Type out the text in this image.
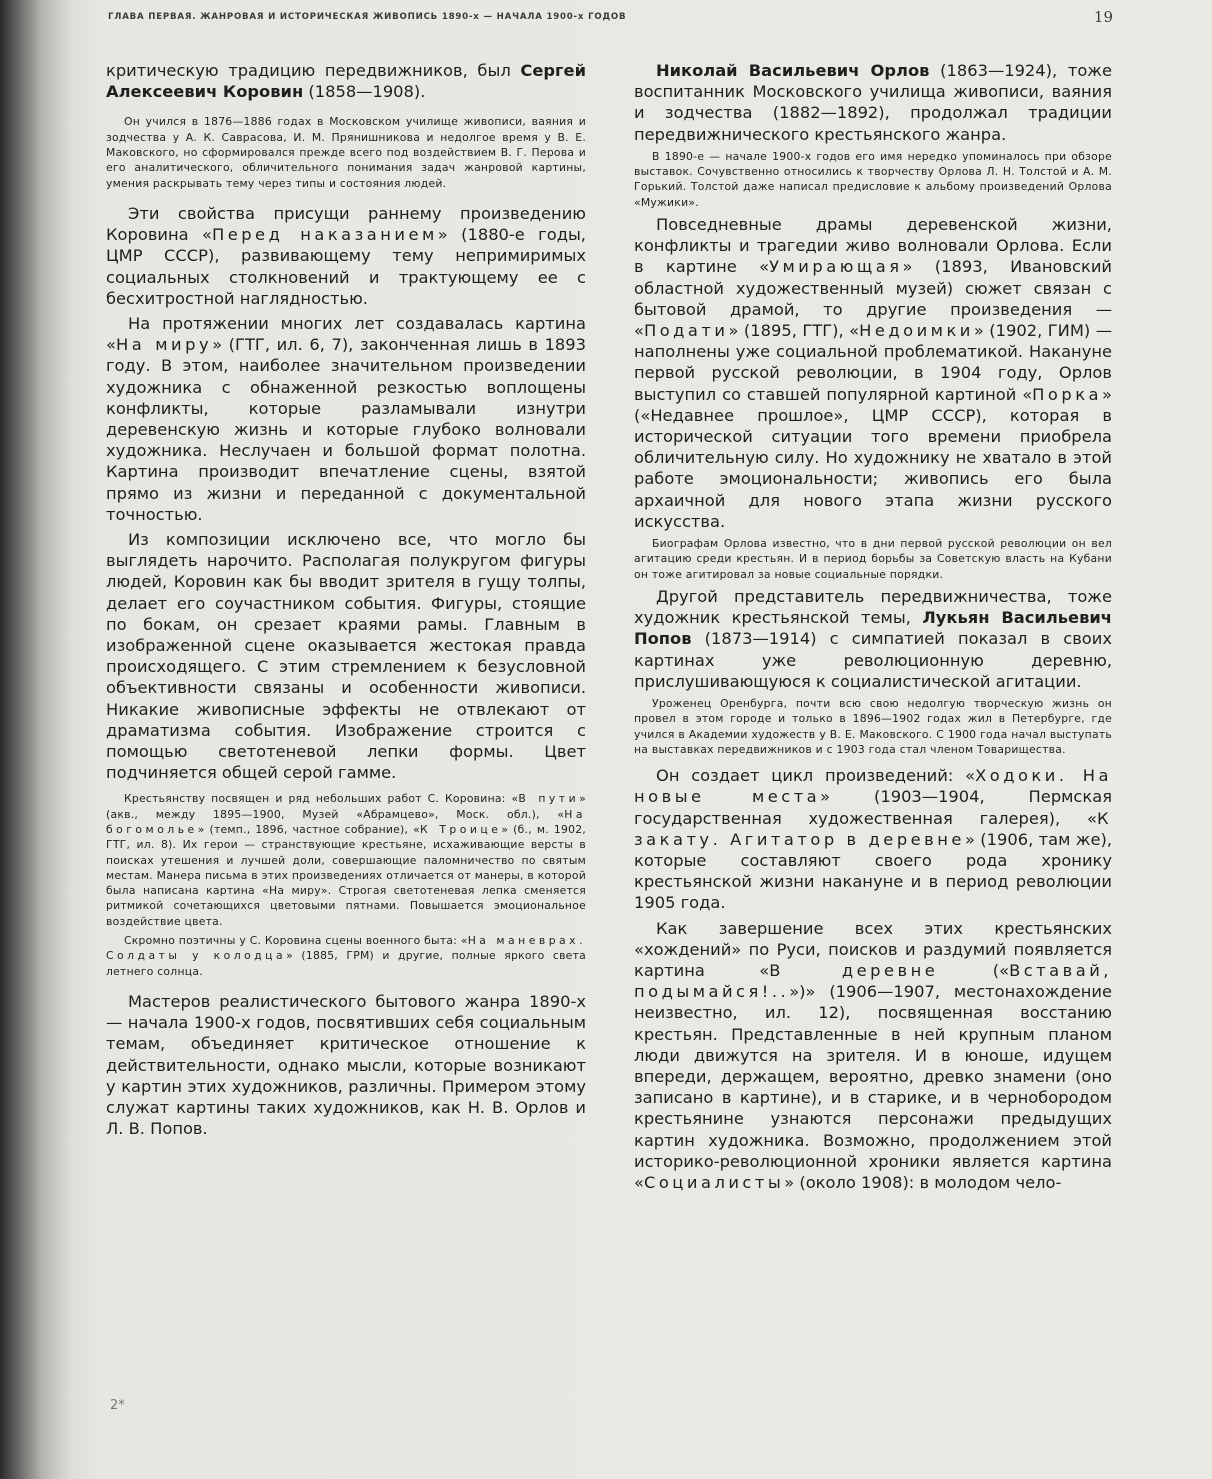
ГЛАВА ПЕРВАЯ. ЖАНРОВАЯ И ИСТОРИЧЕСКАЯ ЖИВОПИСЬ 1890-х — НАЧАЛА 1900-х ГОДОВ	19

критическую традицию передвижников, был Сергей Алексеевич Коровин (1858—1908).

Он учился в 1876—1886 годах в Московском училище живописи, ваяния и зодчества у А. К. Саврасова, И. М. Прянишникова и недолгое время у В. Е. Маковского, но сформировался прежде всего под воздействием В. Г. Перова и его аналитического, обличительного понимания задач жанровой картины, умения раскрывать тему через типы и состояния людей.

Эти свойства присущи раннему произведению Коровина «Перед наказанием» (1880-е годы, ЦМР СССР), развивающему тему непримиримых социальных столкновений и трактующему ее с бесхитростной наглядностью.

На протяжении многих лет создавалась картина «На миру» (ГТГ, ил. 6, 7), законченная лишь в 1893 году. В этом, наиболее значительном произведении художника с обнаженной резкостью воплощены конфликты, которые разламывали изнутри деревенскую жизнь и которые глубоко волновали художника. Неслучаен и большой формат полотна. Картина производит впечатление сцены, взятой прямо из жизни и переданной с документальной точностью.

Из композиции исключено все, что могло бы выглядеть нарочито. Располагая полукругом фигуры людей, Коровин как бы вводит зрителя в гущу толпы, делает его соучастником события. Фигуры, стоящие по бокам, он срезает краями рамы. Главным в изображенной сцене оказывается жестокая правда происходящего. С этим стремлением к безусловной объективности связаны и особенности живописи. Никакие живописные эффекты не отвлекают от драматизма события. Изображение строится с помощью светотеневой лепки формы. Цвет подчиняется общей серой гамме.

Крестьянству посвящен и ряд небольших работ С. Коровина: «В пути» (акв., между 1895—1900, Музей «Абрамцево», Моск. обл.), «На богомолье» (темп., 1896, частное собрание), «К Троице» (б., м. 1902, ГТГ, ил. 8). Их герои — странствующие крестьяне, исхаживающие версты в поисках утешения и лучшей доли, совершающие паломничество по святым местам. Манера письма в этих произведениях отличается от манеры, в которой была написана картина «На миру». Строгая светотеневая лепка сменяется ритмикой сочетающихся цветовыми пятнами. Повышается эмоциональное воздействие цвета.

Скромно поэтичны у С. Коровина сцены военного быта: «На маневрах. Солдаты у колодца» (1885, ГРМ) и другие, полные яркого света летнего солнца.

Мастеров реалистического бытового жанра 1890-х — начала 1900-х годов, посвятивших себя социальным темам, объединяет критическое отношение к действительности, однако мысли, которые возникают у картин этих художников, различны. Примером этому служат картины таких художников, как Н. В. Орлов и Л. В. Попов.

Николай Васильевич Орлов (1863—1924), тоже воспитанник Московского училища живописи, ваяния и зодчества (1882—1892), продолжал традиции передвижнического крестьянского жанра.

В 1890-е — начале 1900-х годов его имя нередко упоминалось при обзоре выставок. Сочувственно относились к творчеству Орлова Л. Н. Толстой и А. М. Горький. Толстой даже написал предисловие к альбому произведений Орлова «Мужики».

Повседневные драмы деревенской жизни, конфликты и трагедии живо волновали Орлова. Если в картине «Умирающая» (1893, Ивановский областной художественный музей) сюжет связан с бытовой драмой, то другие произведения — «Подати» (1895, ГТГ), «Недоимки» (1902, ГИМ) — наполнены уже социальной проблематикой. Накануне первой русской революции, в 1904 году, Орлов выступил со ставшей популярной картиной «Порка» («Недавнее прошлое», ЦМР СССР), которая в исторической ситуации того времени приобрела обличительную силу. Но художнику не хватало в этой работе эмоциональности; живопись его была архаичной для нового этапа жизни русского искусства.

Биографам Орлова известно, что в дни первой русской революции он вел агитацию среди крестьян. И в период борьбы за Советскую власть на Кубани он тоже агитировал за новые социальные порядки.

Другой представитель передвижничества, тоже художник крестьянской темы, Лукьян Васильевич Попов (1873—1914) с симпатией показал в своих картинах уже революционную деревню, прислушивающуюся к социалистической агитации.

Уроженец Оренбурга, почти всю свою недолгую творческую жизнь он провел в этом городе и только в 1896—1902 годах жил в Петербурге, где учился в Академии художеств у В. Е. Маковского. С 1900 года начал выступать на выставках передвижников и с 1903 года стал членом Товарищества.

Он создает цикл произведений: «Ходоки. На новые места» (1903—1904, Пермская государственная художественная галерея), «К закату. Агитатор в деревне» (1906, там же), которые составляют своего рода хронику крестьянской жизни накануне и в период революции 1905 года.

Как завершение всех этих крестьянских «хождений» по Руси, поисков и раздумий появляется картина «В деревне («Вставай, подымайся!..»)» (1906—1907, местонахождение неизвестно, ил. 12), посвященная восстанию крестьян. Представленные в ней крупным планом люди движутся на зрителя. И в юноше, идущем впереди, держащем, вероятно, древко знамени (оно записано в картине), и в старике, и в чернобородом крестьянине узнаются персонажи предыдущих картин художника. Возможно, продолжением этой историко-революционной хроники является картина «Социалисты» (около 1908): в молодом чело-

2*
